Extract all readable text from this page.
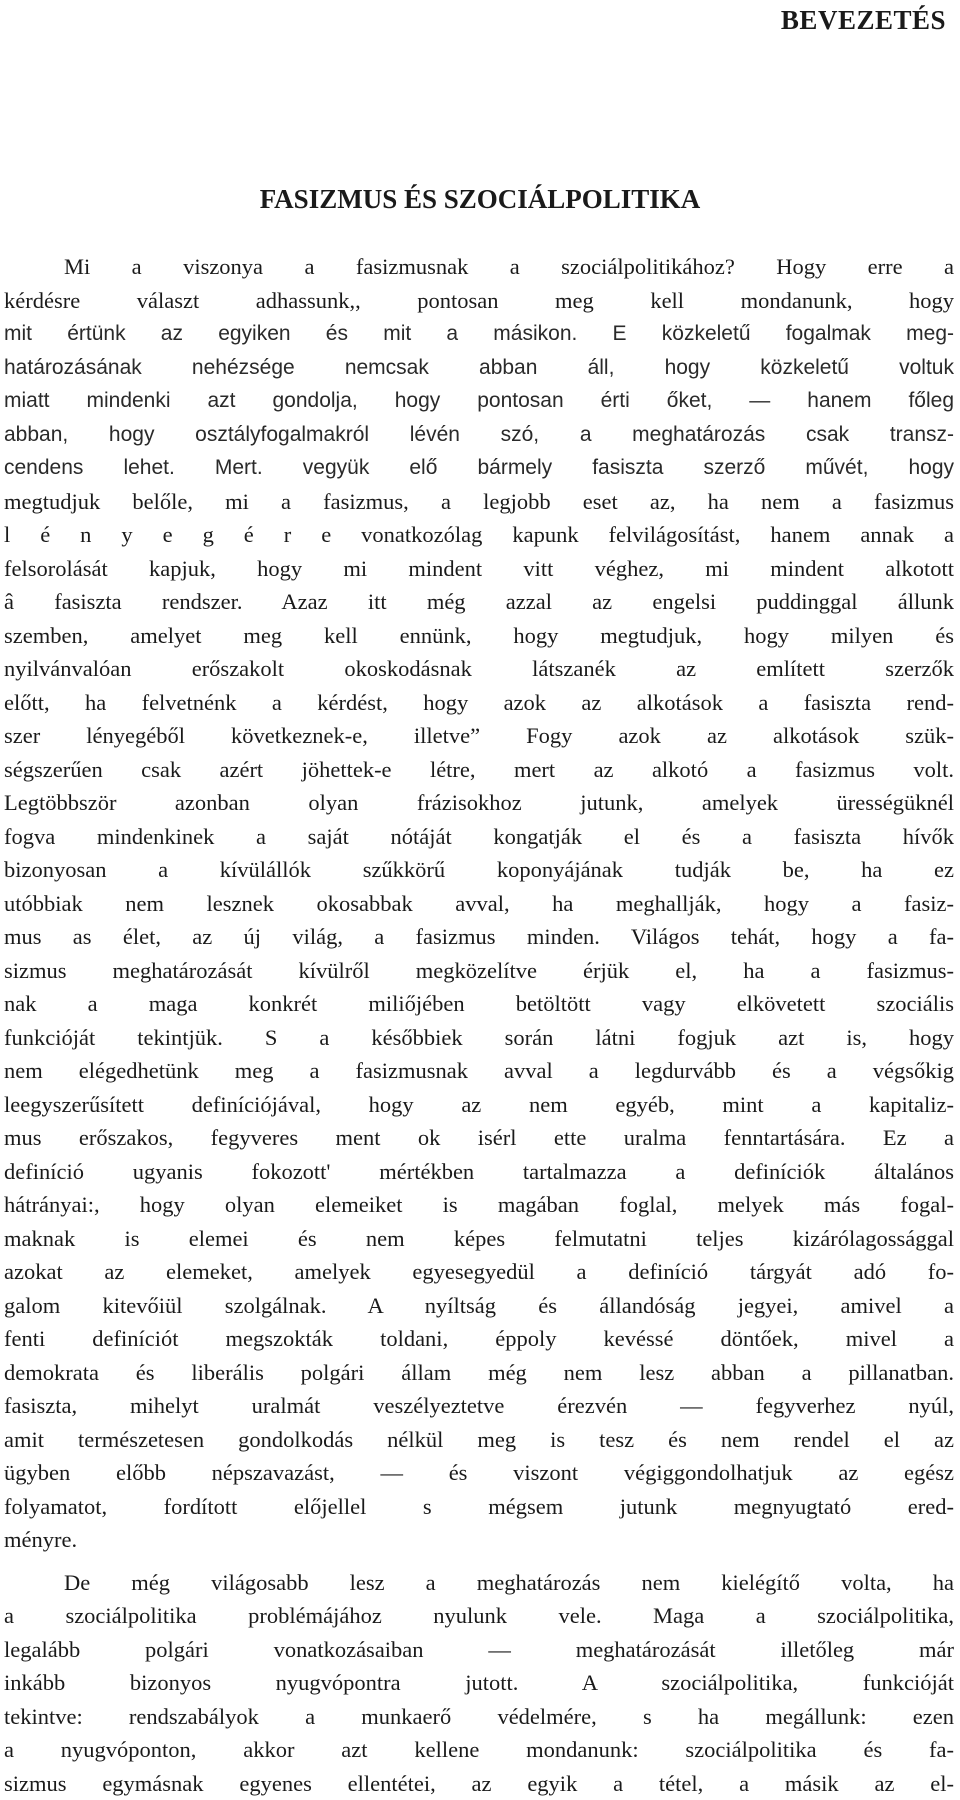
BEVEZETÉS
FASIZMUS ÉS SZOCIÁLPOLITIKA
Mi a viszonya a fasizmusnak a szociálpolitikához? Hogy erre a
kérdésre választ adhassunk,, pontosan meg kell mondanunk, hogy
mit értünk az egyiken és mit a másikon. E közkeletű fogalmak meg-
határozásának nehézsége nemcsak abban áll, hogy közkeletű voltuk
miatt mindenki azt gondolja, hogy pontosan érti őket, — hanem főleg
abban, hogy osztályfogalmakról lévén szó, a meghatározás csak transz-
cendens lehet. Mert. vegyük elő bármely fasiszta szerző művét, hogy
megtudjuk belőle, mi a fasizmus, a legjobb eset az, ha nem a fasizmus
l é n y e g é r e vonatkozólag kapunk felvilágosítást, hanem annak a
felsorolását kapjuk, hogy mi mindent vitt véghez, mi mindent alkotott
â fasiszta rendszer. Azaz itt még azzal az engelsi puddinggal állunk
szemben, amelyet meg kell ennünk, hogy megtudjuk, hogy milyen és
nyilvánvalóan erőszakolt okoskodásnak látszanék az említett szerzők
előtt, ha felvetnénk a kérdést, hogy azok az alkotások a fasiszta rend-
szer lényegéből következnek-e, illetve” Fogy azok az alkotások szük-
ségszerűen csak azért jöhettek-e létre, mert az alkotó a fasizmus volt.
Legtöbbször azonban olyan frázisokhoz jutunk, amelyek ürességüknél
fogva mindenkinek a saját nótáját kongatják el és a fasiszta hívők
bizonyosan a kívülállók szűkkörű koponyájának tudják be, ha ez
utóbbiak nem lesznek okosabbak avval, ha meghallják, hogy a fasiz-
mus as élet, az új világ, a fasizmus minden. Világos tehát, hogy a fa-
sizmus meghatározását kívülről megközelítve érjük el, ha a fasizmus-
nak a maga konkrét miliőjében betöltött vagy elkövetett szociális
funkcióját tekintjük. S a későbbiek során látni fogjuk azt is, hogy
nem elégedhetünk meg a fasizmusnak avval a legdurvább és a végsőkig
leegyszerűsített definíciójával, hogy az nem egyéb, mint a kapitaliz-
mus erőszakos, fegyveres ment ok isérl ette uralma fenntartására. Ez a
definíció ugyanis fokozott' mértékben tartalmazza a definíciók általános
hátrányai:, hogy olyan elemeiket is magában foglal, melyek más fogal-
maknak is elemei és nem képes felmutatni teljes kizárólagossággal
azokat az elemeket, amelyek egyesegyedül a definíció tárgyát adó fo-
galom kitevőiül szolgálnak. A nyíltság és állandóság jegyei, amivel a
fenti definíciót megszokták toldani, éppoly kevéssé döntőek, mivel a
demokrata és liberális polgári állam még nem lesz abban a pillanatban.
fasiszta, mihelyt uralmát veszélyeztetve érezvén — fegyverhez nyúl,
amit természetesen gondolkodás nélkül meg is tesz és nem rendel el az
ügyben előbb népszavazást, — és viszont végiggondolhatjuk az egész
folyamatot, fordított előjellel s mégsem jutunk megnyugtató ered-
ményre.
De még világosabb lesz a meghatározás nem kielégítő volta, ha
a szociálpolitika problémájához nyulunk vele. Maga a szociálpolitika,
legalább polgári vonatkozásaiban — meghatározását illetőleg már
inkább bizonyos nyugvópontra jutott. A szociálpolitika, funkcióját
tekintve: rendszabályok a munkaerő védelmére, s ha megállunk: ezen
a nyugvóponton, akkor azt kellene mondanunk: szociálpolitika és fa-
sizmus egymásnak egyenes ellentétei, az egyik a tétel, a másik az el-
